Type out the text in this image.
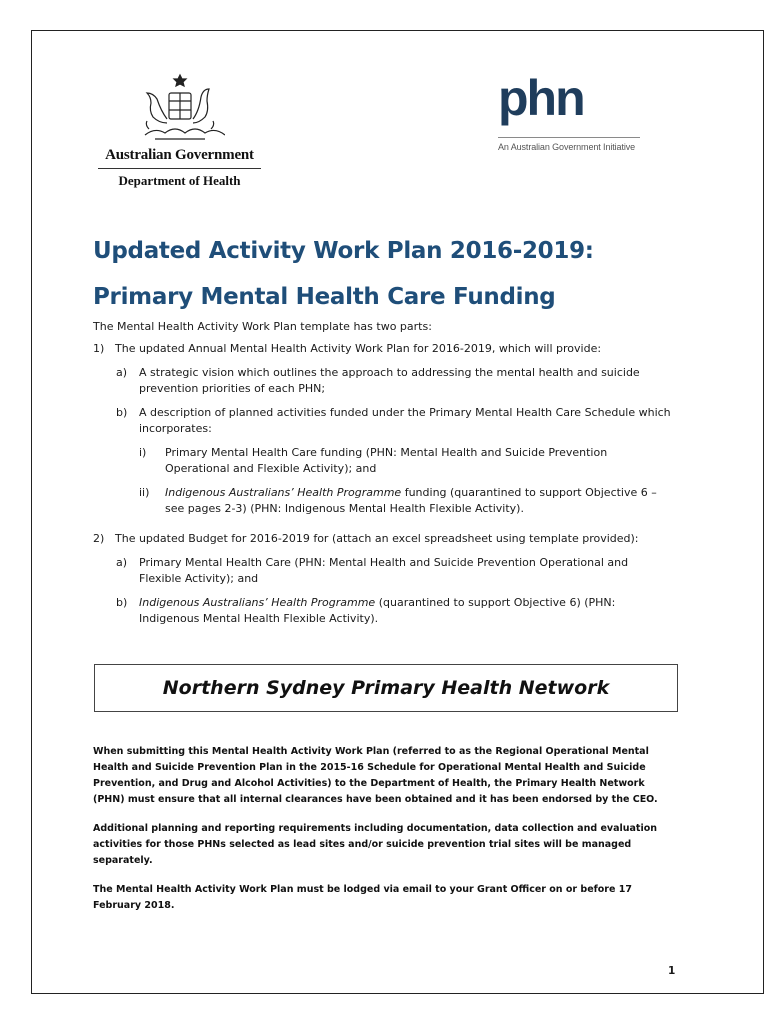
Australian Government
Department of Health
phn
An Australian Government Initiative
Updated Activity Work Plan 2016-2019:
Primary Mental Health Care Funding

The Mental Health Activity Work Plan template has two parts:

1) The updated Annual Mental Health Activity Work Plan for 2016-2019, which will provide:
a)	A strategic vision which outlines the approach to addressing the mental health and suicide prevention priorities of each PHN;
b)	A description of planned activities funded under the Primary Mental Health Care Schedule which incorporates:
i)	Primary Mental Health Care funding (PHN: Mental Health and Suicide Prevention Operational and Flexible Activity); and
ii)	Indigenous Australians’ Health Programme funding (quarantined to support Objective 6 – see pages 2-3) (PHN: Indigenous Mental Health Flexible Activity).
2) The updated Budget for 2016-2019 for (attach an excel spreadsheet using template provided):
a)	Primary Mental Health Care (PHN: Mental Health and Suicide Prevention Operational and Flexible Activity); and
b)	Indigenous Australians’ Health Programme (quarantined to support Objective 6) (PHN: Indigenous Mental Health Flexible Activity).
Northern Sydney Primary Health Network

When submitting this Mental Health Activity Work Plan (referred to as the Regional Operational Mental Health and Suicide Prevention Plan in the 2015-16 Schedule for Operational Mental Health and Suicide Prevention, and Drug and Alcohol Activities) to the Department of Health, the Primary Health Network (PHN) must ensure that all internal clearances have been obtained and it has been endorsed by the CEO.

Additional planning and reporting requirements including documentation, data collection and evaluation activities for those PHNs selected as lead sites and/or suicide prevention trial sites will be managed separately.

The Mental Health Activity Work Plan must be lodged via email to your Grant Officer on or before 17 February 2018.

1
